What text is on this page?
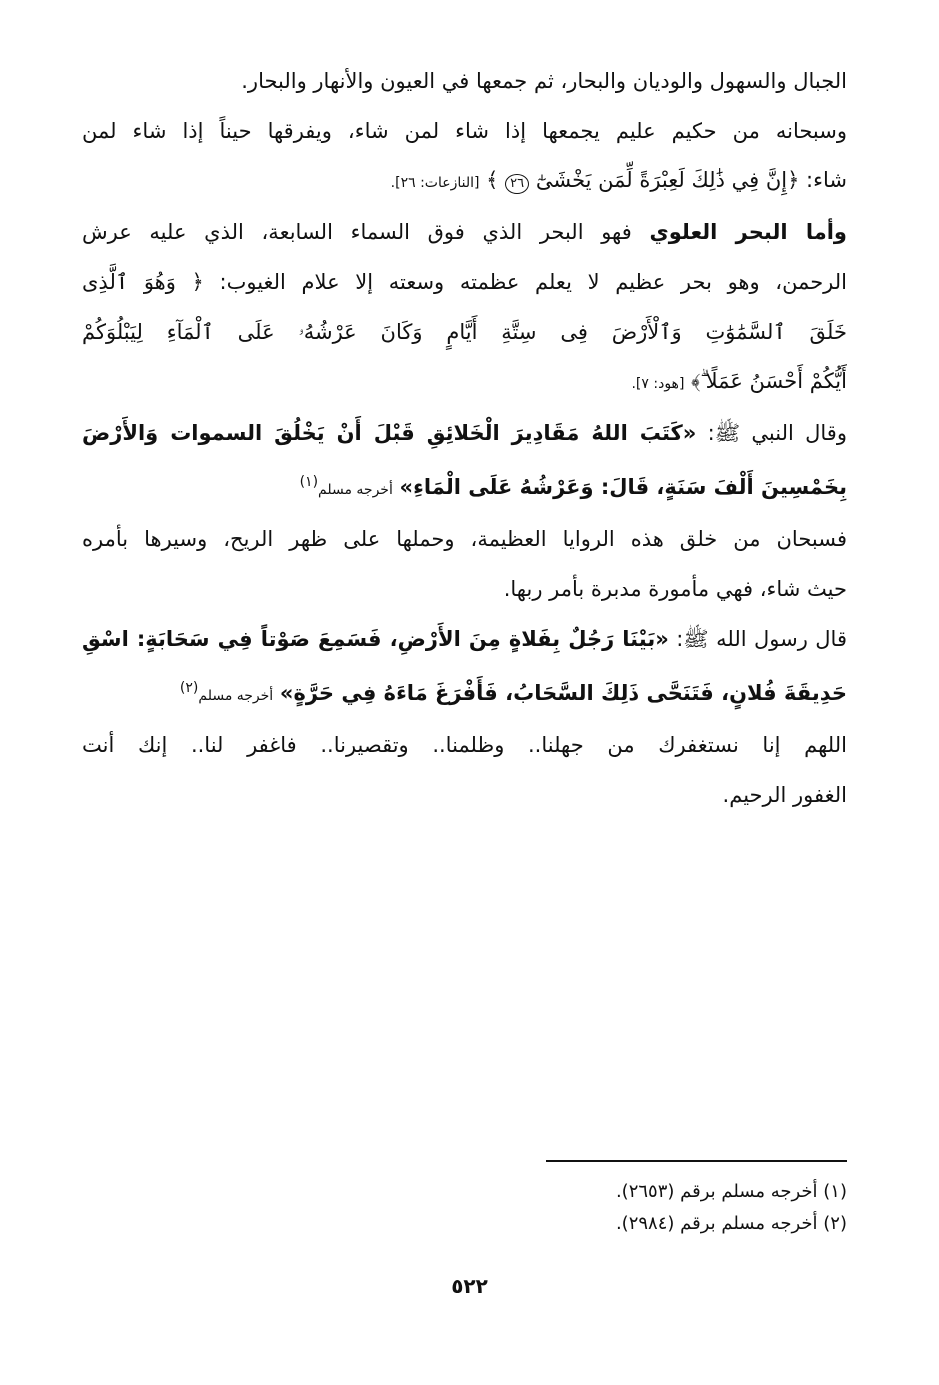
الجبال والسهول والوديان والبحار، ثم جمعها في العيون والأنهار والبحار.
وسبحانه من حكيم عليم يجمعها إذا شاء لمن شاء، ويفرقها حيناً إذا شاء لمن
شاء: ﴿إِنَّ فِي ذَٰلِكَ لَعِبْرَةً لِّمَن يَخْشَىٰٓ ٢٦ ﴾ [النازعات: ٢٦].
وأما البحر العلوي فهو البحر الذي فوق السماء السابعة، الذي عليه عرش
الرحمن، وهو بحر عظيم لا يعلم عظمته وسعته إلا علام الغيوب: ﴿ وَهُوَ ٱلَّذِى
خَلَقَ ٱلسَّمَٰوَٰتِ وَٱلْأَرْضَ فِى سِتَّةِ أَيَّامٍ وَكَانَ عَرْشُهُۥ عَلَى ٱلْمَآءِ لِيَبْلُوَكُمْ
أَيُّكُمْ أَحْسَنُ عَمَلًا ۗ﴾ [هود: ٧].
وقال النبي ﷺ: «كَتَبَ اللهُ مَقَادِيرَ الْخَلائِقِ قَبْلَ أَنْ يَخْلُقَ السموات وَالأَرْضَ
بِخَمْسِينَ أَلْفَ سَنَةٍ، قَالَ: وَعَرْشُهُ عَلَى الْمَاءِ» أخرجه مسلم$^{(١)}$
فسبحان من خلق هذه الروايا العظيمة، وحملها على ظهر الريح، وسيرها بأمره
حيث شاء، فهي مأمورة مدبرة بأمر ربها.
قال رسول الله ﷺ: «بَيْنَا رَجُلٌ بِفَلاةٍ مِنَ الأَرْضِ، فَسَمِعَ صَوْتاً فِي سَحَابَةٍ: اسْقِ
حَدِيقَةَ فُلانٍ، فَتَنَحَّى ذَلِكَ السَّحَابُ، فَأَفْرَغَ مَاءَهُ فِي حَرَّةٍ» أخرجه مسلم$^{(٢)}$
اللهم إنا نستغفرك من جهلنا.. وظلمنا.. وتقصيرنا.. فاغفر لنا.. إنك أنت
الغفور الرحيم.
(١) أخرجه مسلم برقم (٢٦٥٣).
(٢) أخرجه مسلم برقم (٢٩٨٤).
٥٢٢
